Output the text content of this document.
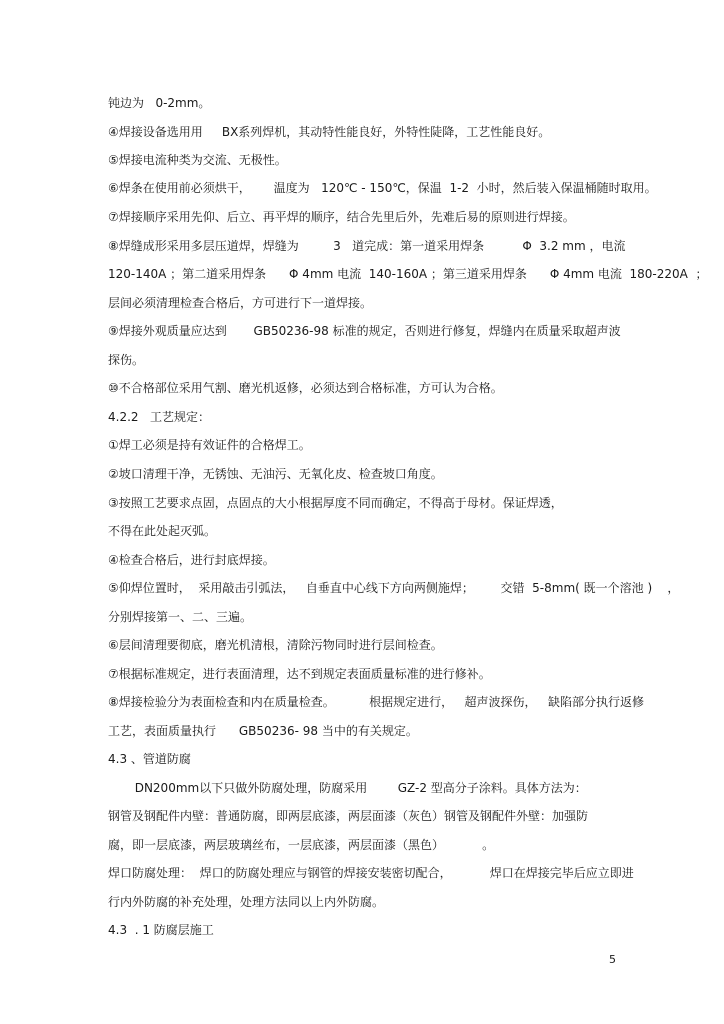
钝边为   0-2mm。
④焊接设备选用用     BX系列焊机，其动特性能良好，外特性陡降，工艺性能良好。
⑤焊接电流种类为交流、无极性。
⑥焊条在使用前必须烘干，      温度为   120℃ - 150℃，保温  1-2  小时，然后装入保温桶随时取用。
⑦焊接顺序采用先仰、后立、再平焊的顺序，结合先里后外，先难后易的原则进行焊接。
⑧焊缝成形采用多层压道焊，焊缝为         3   道完成：第一道采用焊条          Φ  3.2 mm ，电流
120-140A ；第二道采用焊条      Φ 4mm 电流  140-160A ；第三道采用焊条      Φ 4mm 电流  180-220A  ；
层间必须清理检查合格后，方可进行下一道焊接。
⑨焊接外观质量应达到       GB50236-98 标准的规定，否则进行修复，焊缝内在质量采取超声波
探伤。
⑩不合格部位采用气割、磨光机返修，必须达到合格标准，方可认为合格。
4.2.2   工艺规定：
①焊工必须是持有效证件的合格焊工。
②坡口清理干净，无锈蚀、无油污、无氧化皮、检查坡口角度。
③按照工艺要求点固，点固点的大小根据厚度不同而确定，不得高于母材。保证焊透，
不得在此处起灭弧。
④检查合格后，进行封底焊接。
⑤仰焊位置时，  采用敲击引弧法，   自垂直中心线下方向两侧施焊；       交错  5-8mm( 既一个溶池 )    ，
分别焊接第一、二、三遍。
⑥层间清理要彻底，磨光机清根，清除污物同时进行层间检查。
⑦根据标准规定，进行表面清理，达不到规定表面质量标准的进行修补。
⑧焊接检验分为表面检查和内在质量检查。         根据规定进行，   超声波探伤，   缺陷部分执行返修
工艺，表面质量执行      GB50236- 98 当中的有关规定。
4.3 、管道防腐
DN200mm以下只做外防腐处理，防腐采用        GZ-2 型高分子涂料。具体方法为：
钢管及钢配件内壁：普通防腐，即两层底漆，两层面漆（灰色）钢管及钢配件外壁：加强防
腐，即一层底漆，两层玻璃丝布，一层底漆，两层面漆（黑色）          。
焊口防腐处理：  焊口的防腐处理应与钢管的焊接安装密切配合，          焊口在焊接完毕后应立即进
行内外防腐的补充处理，处理方法同以上内外防腐。
4.3  . 1 防腐层施工
5
